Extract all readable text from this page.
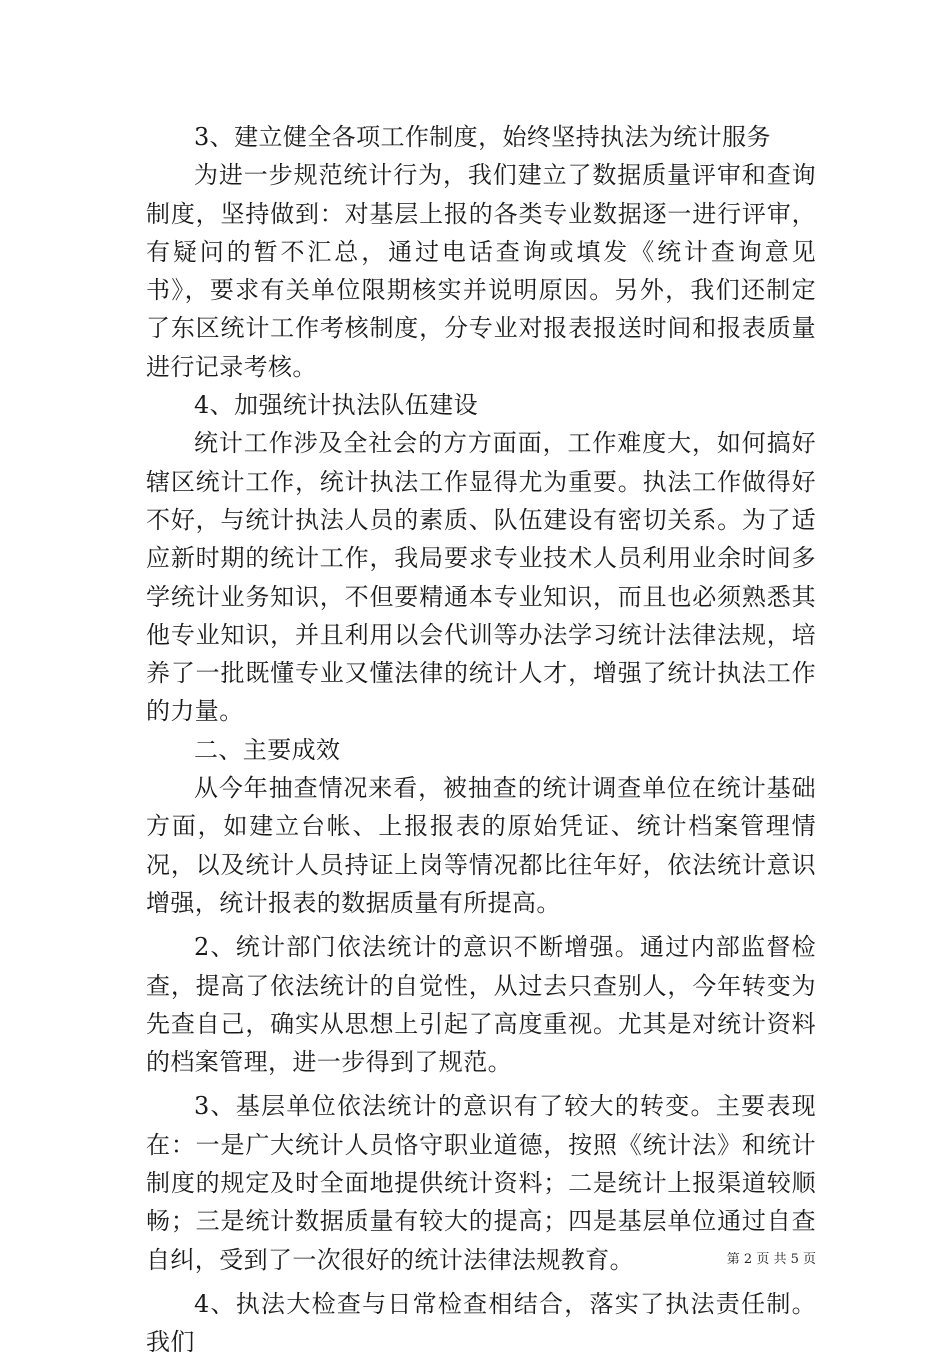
3、建立健全各项工作制度，始终坚持执法为统计服务

为进一步规范统计行为，我们建立了数据质量评审和查询制度，坚持做到：对基层上报的各类专业数据逐一进行评审，有疑问的暂不汇总，通过电话查询或填发《统计查询意见书》，要求有关单位限期核实并说明原因。另外，我们还制定了东区统计工作考核制度，分专业对报表报送时间和报表质量进行记录考核。

4、加强统计执法队伍建设

统计工作涉及全社会的方方面面，工作难度大，如何搞好辖区统计工作，统计执法工作显得尤为重要。执法工作做得好不好，与统计执法人员的素质、队伍建设有密切关系。为了适应新时期的统计工作，我局要求专业技术人员利用业余时间多学统计业务知识，不但要精通本专业知识，而且也必须熟悉其他专业知识，并且利用以会代训等办法学习统计法律法规，培养了一批既懂专业又懂法律的统计人才，增强了统计执法工作的力量。

二、主要成效

从今年抽查情况来看，被抽查的统计调查单位在统计基础方面，如建立台帐、上报报表的原始凭证、统计档案管理情况，以及统计人员持证上岗等情况都比往年好，依法统计意识增强，统计报表的数据质量有所提高。

2、统计部门依法统计的意识不断增强。通过内部监督检查，提高了依法统计的自觉性，从过去只查别人，今年转变为先查自己，确实从思想上引起了高度重视。尤其是对统计资料的档案管理，进一步得到了规范。

3、基层单位依法统计的意识有了较大的转变。主要表现在：一是广大统计人员恪守职业道德，按照《统计法》和统计制度的规定及时全面地提供统计资料；二是统计上报渠道较顺畅；三是统计数据质量有较大的提高；四是基层单位通过自查自纠，受到了一次很好的统计法律法规教育。

4、执法大检查与日常检查相结合，落实了执法责任制。我们

第 2 页 共 5 页
